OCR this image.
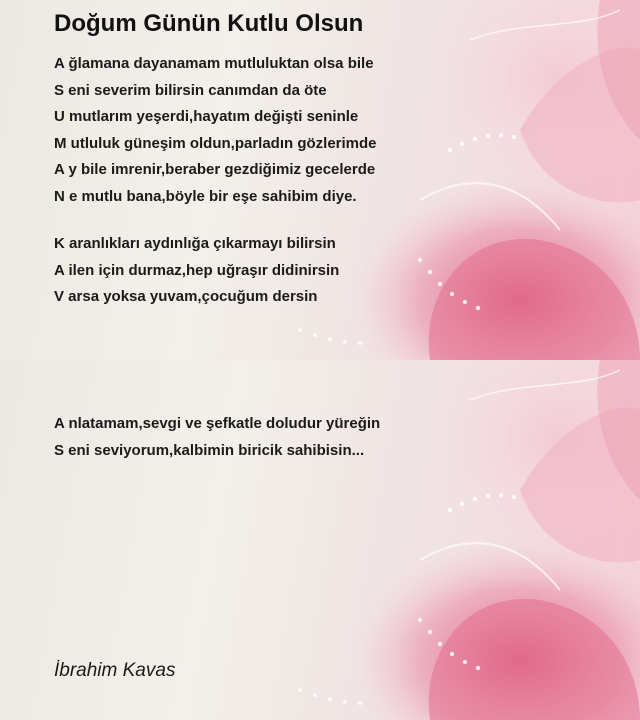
Doğum Günün Kutlu Olsun
A ğlamana dayanamam mutluluktan olsa bile
S eni severim bilirsin canımdan da öte
U mutlarım yeşerdi,hayatım değişti seninle
M utluluk güneşim oldun,parladın gözlerimde
A y bile imrenir,beraber gezdiğimiz gecelerde
N e mutlu bana,böyle bir eşe sahibim diye.
K aranlıkları aydınlığa çıkarmayı bilirsin
A ilen için durmaz,hep uğraşır didinirsin
V arsa yoksa yuvam,çocuğum dersin
A nlatamam,sevgi ve şefkatle doludur yüreğin
S eni seviyorum,kalbimin biricik sahibisin...
İbrahim Kavas
